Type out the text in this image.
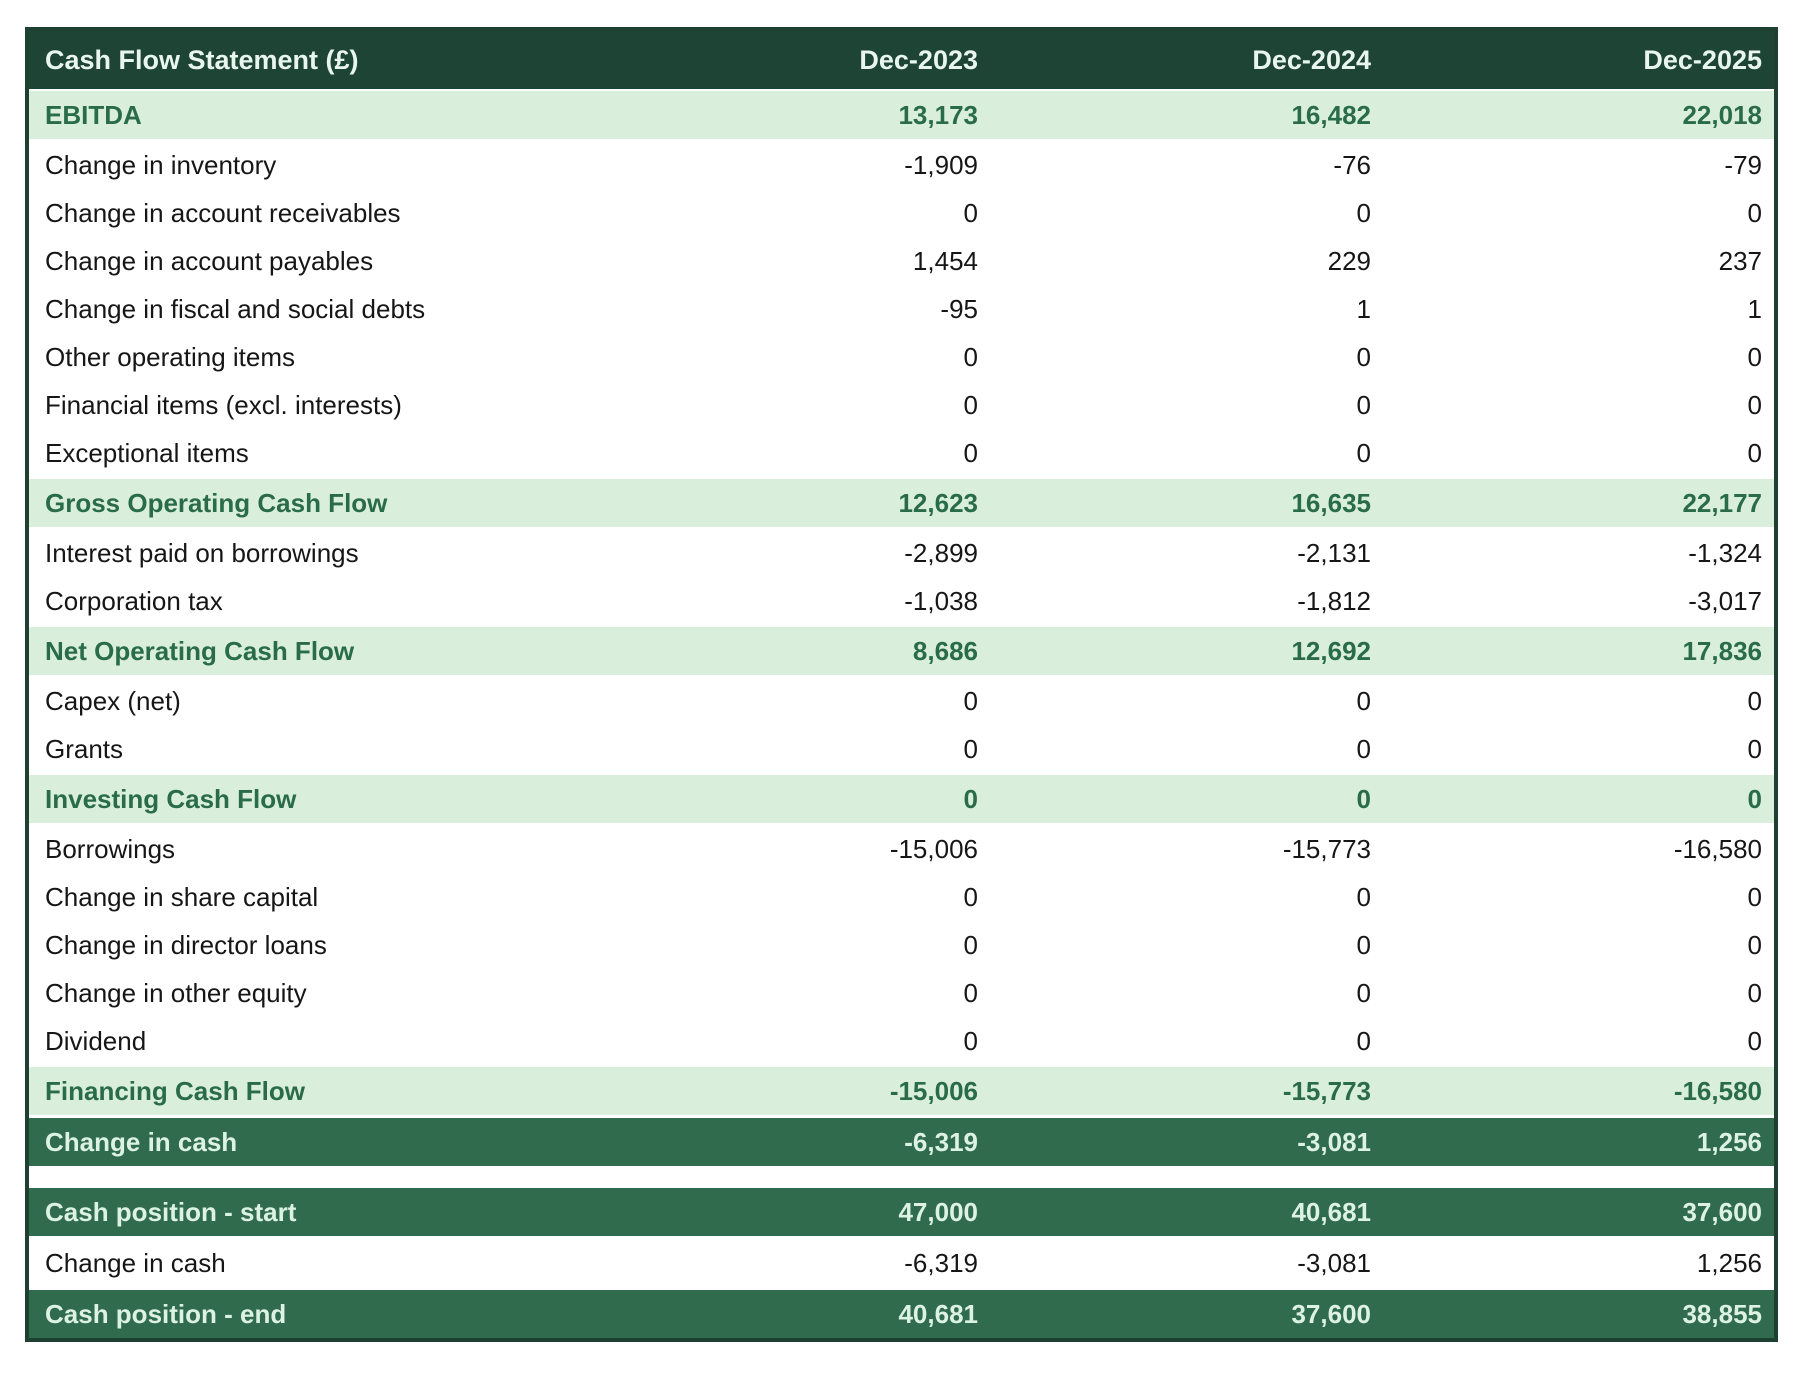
Cash Flow Statement (£)	Dec-2023	Dec-2024	Dec-2025
EBITDA	13,173	16,482	22,018
Change in inventory	-1,909	-76	-79
Change in account receivables	0	0	0
Change in account payables	1,454	229	237
Change in fiscal and social debts	-95	1	1
Other operating items	0	0	0
Financial items (excl. interests)	0	0	0
Exceptional items	0	0	0
Gross Operating Cash Flow	12,623	16,635	22,177
Interest paid on borrowings	-2,899	-2,131	-1,324
Corporation tax	-1,038	-1,812	-3,017
Net Operating Cash Flow	8,686	12,692	17,836
Capex (net)	0	0	0
Grants	0	0	0
Investing Cash Flow	0	0	0
Borrowings	-15,006	-15,773	-16,580
Change in share capital	0	0	0
Change in director loans	0	0	0
Change in other equity	0	0	0
Dividend	0	0	0
Financing Cash Flow	-15,006	-15,773	-16,580
Change in cash	-6,319	-3,081	1,256

Cash position - start	47,000	40,681	37,600
Change in cash	-6,319	-3,081	1,256
Cash position - end	40,681	37,600	38,855
